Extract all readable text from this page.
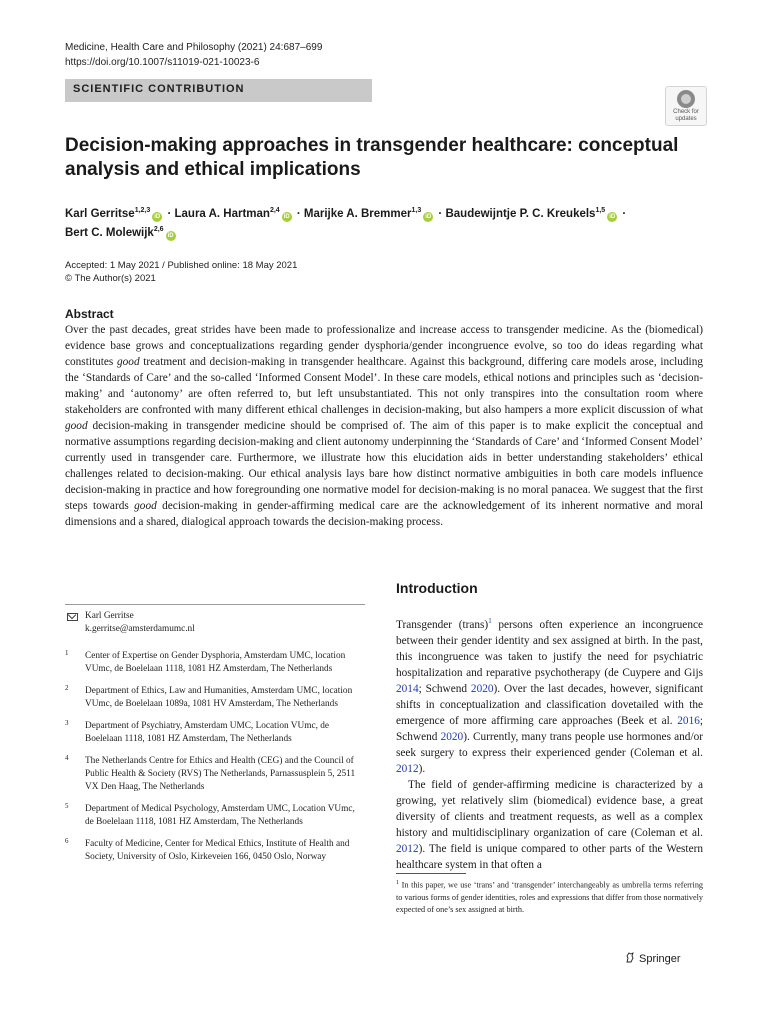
Medicine, Health Care and Philosophy (2021) 24:687–699
https://doi.org/10.1007/s11019-021-10023-6
SCIENTIFIC CONTRIBUTION
Check for
updates
Decision-making approaches in transgender healthcare: conceptual analysis and ethical implications
Karl Gerritse$^{1,2,3}$iD · Laura A. Hartman$^{2,4}$iD · Marijke A. Bremmer$^{1,3}$iD · Baudewijntje P. C. Kreukels$^{1,5}$iD ·
Bert C. Molewijk$^{2,6}$iD
Accepted: 1 May 2021 / Published online: 18 May 2021
© The Author(s) 2021
Abstract

Over the past decades, great strides have been made to professionalize and increase access to transgender medicine. As the (biomedical) evidence base grows and conceptualizations regarding gender dysphoria/gender incongruence evolve, so too do ideas regarding what constitutes good treatment and decision-making in transgender healthcare. Against this background, differing care models arose, including the ‘Standards of Care’ and the so-called ‘Informed Consent Model’. In these care models, ethical notions and principles such as ‘decision-making’ and ‘autonomy’ are often referred to, but left unsubstantiated. This not only transpires into the consultation room where stakeholders are confronted with many different ethical challenges in decision-making, but also hampers a more explicit discussion of what good decision-making in transgender medicine should be comprised of. The aim of this paper is to make explicit the conceptual and normative assumptions regarding decision-making and client autonomy underpinning the ‘Standards of Care’ and ‘Informed Consent Model’ currently used in transgender care. Furthermore, we illustrate how this elucidation aids in better understanding stakeholders’ ethical challenges related to decision-making. Our ethical analysis lays bare how distinct normative ambiguities in both care models influence decision-making in practice and how foregrounding one normative model for decision-making is no moral panacea. We suggest that the first steps towards good decision-making in gender-affirming medical care are the acknowledgement of its inherent normative and moral dimensions and a shared, dialogical approach towards the decision-making process.

Karl Gerritse
k.gerritse@amsterdamumc.nl
1 Center of Expertise on Gender Dysphoria, Amsterdam UMC, location VUmc, de Boelelaan 1118, 1081 HZ Amsterdam, The Netherlands
2 Department of Ethics, Law and Humanities, Amsterdam UMC, location VUmc, de Boelelaan 1089a, 1081 HV Amsterdam, The Netherlands
3 Department of Psychiatry, Amsterdam UMC, Location VUmc, de Boelelaan 1118, 1081 HZ Amsterdam, The Netherlands
4 The Netherlands Centre for Ethics and Health (CEG) and the Council of Public Health & Society (RVS) The Netherlands, Parnassusplein 5, 2511 VX Den Haag, The Netherlands
5 Department of Medical Psychology, Amsterdam UMC, Location VUmc, de Boelelaan 1118, 1081 HZ Amsterdam, The Netherlands
6 Faculty of Medicine, Center for Medical Ethics, Institute of Health and Society, University of Oslo, Kirkeveien 166, 0450 Oslo, Norway
Introduction

Transgender (trans)$^1$ persons often experience an incongruence between their gender identity and sex assigned at birth. In the past, this incongruence was taken to justify the need for psychiatric hospitalization and reparative psychotherapy (de Cuypere and Gijs 2014; Schwend 2020). Over the last decades, however, significant shifts in conceptualization and classification dovetailed with the emergence of more affirming care approaches (Beek et al. 2016; Schwend 2020). Currently, many trans people use hormones and/or seek surgery to express their experienced gender (Coleman et al. 2012).

The field of gender-affirming medicine is characterized by a growing, yet relatively slim (biomedical) evidence base, a great diversity of clients and treatment requests, as well as a complex history and multidisciplinary organization of care (Coleman et al. 2012). The field is unique compared to other parts of the Western healthcare system in that often a

$^1$ In this paper, we use ‘trans’ and ‘transgender’ interchangeably as umbrella terms referring to various forms of gender identities, roles and expressions that differ from those normatively expected of one’s sex assigned at birth.
Springer
